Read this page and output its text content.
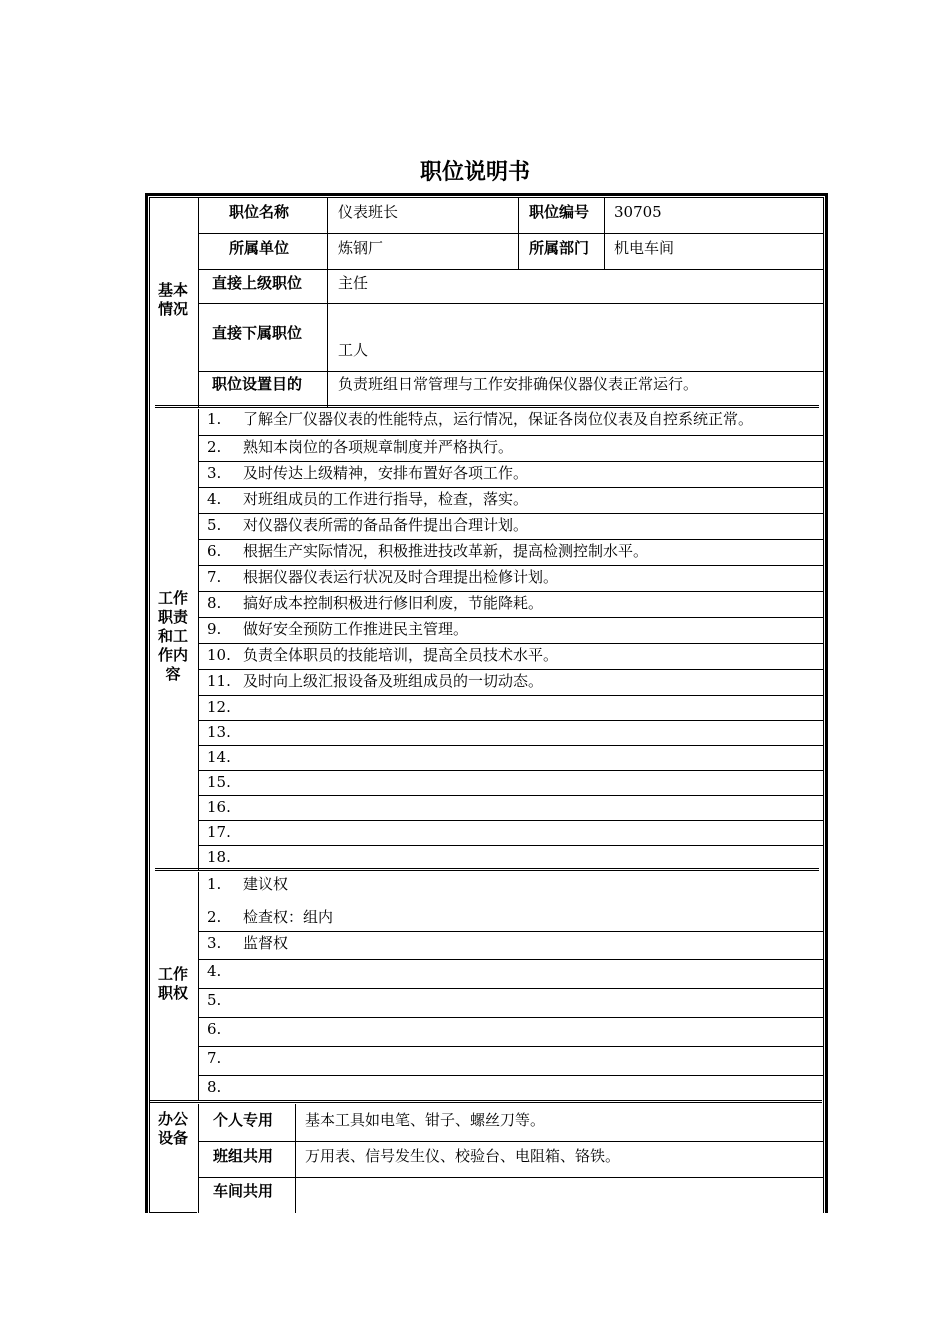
职位说明书
基本
情况
职位名称	仪表班长	职位编号 30705
所属单位	炼钢厂	所属部门 机电车间
直接上级职位 主任
直接下属职位
工人
职位设置目的 负责班组日常管理与工作安排确保仪器仪表正常运行。
工作
职责
和工
作内
容
1. 了解全厂仪器仪表的性能特点，运行情况，保证各岗位仪表及自控系统正常。
2. 熟知本岗位的各项规章制度并严格执行。
3. 及时传达上级精神，安排布置好各项工作。
4. 对班组成员的工作进行指导，检查，落实。
5. 对仪器仪表所需的备品备件提出合理计划。
6. 根据生产实际情况，积极推进技改革新，提高检测控制水平。
7. 根据仪器仪表运行状况及时合理提出检修计划。
8. 搞好成本控制积极进行修旧利废，节能降耗。
9. 做好安全预防工作推进民主管理。
10. 负责全体职员的技能培训，提高全员技术水平。
11. 及时向上级汇报设备及班组成员的一切动态。
12.
13.
14.
15.
16.
17.
18.
工作
职权
1. 建议权
2. 检查权：组内
3. 监督权
4.
5.
6.
7.
8.
办公
设备
个人专用 基本工具如电笔、钳子、螺丝刀等。
班组共用 万用表、信号发生仪、校验台、电阻箱、铬铁。
车间共用
